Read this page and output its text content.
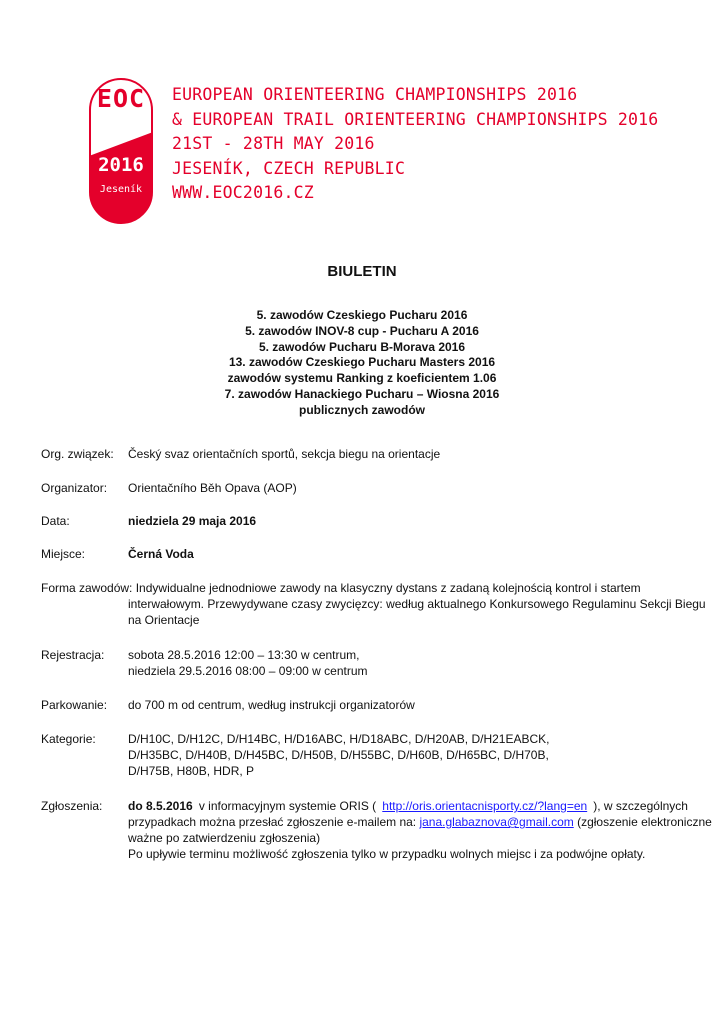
EOC
2016
Jeseník
EUROPEAN ORIENTEERING CHAMPIONSHIPS 2016
& EUROPEAN TRAIL ORIENTEERING CHAMPIONSHIPS 2016
21ST - 28TH MAY 2016
JESENÍK, CZECH REPUBLIC
WWW.EOC2016.CZ
BIULETIN
5. zawodów Czeskiego Pucharu 2016
5. zawodów INOV-8 cup - Pucharu A 2016
5. zawodów Pucharu B-Morava 2016
13. zawodów Czeskiego Pucharu Masters 2016
zawodów systemu Ranking z koeficientem 1.06
7. zawodów Hanackiego Pucharu – Wiosna 2016
publicznych zawodów
Org. związek: Český svaz orientačních sportů, sekcja biegu na orientacje
Organizator: Orientačního Běh Opava (AOP)
Data:	niedziela 29 maja 2016
Miejsce:	Černá Voda
Forma zawodów: Indywidualne jednodniowe zawody na klasyczny dystans z zadaną kolejnością kontrol i startem
interwałowym. Przewydywane czasy zwycięzcy: według aktualnego Konkursowego Regulaminu Sekcji Biegu
na Orientacje
Rejestracja: sobota 28.5.2016 12:00 – 13:30 w centrum,
niedziela 29.5.2016 08:00 – 09:00 w centrum
Parkowanie: do 700 m od centrum, według instrukcji organizatorów
Kategorie:	D/H10C, D/H12C, D/H14BC, H/D16ABC, H/D18ABC, D/H20AB, D/H21EABCK,
D/H35BC, D/H40B, D/H45BC, D/H50B, D/H55BC, D/H60B, D/H65BC, D/H70B,
D/H75B, H80B, HDR, P
Zgłoszenia: do 8.5.2016 v informacyjnym systemie ORIS ( http://oris.orientacnisporty.cz/?lang=en ), w szczególnych
przypadkach można przesłać zgłoszenie e-mailem na: jana.glabaznova@gmail.com (zgłoszenie elektroniczne
ważne po zatwierdzeniu zgłoszenia)
Po upływie terminu możliwość zgłoszenia tylko w przypadku wolnych miejsc i za podwójne opłaty.
